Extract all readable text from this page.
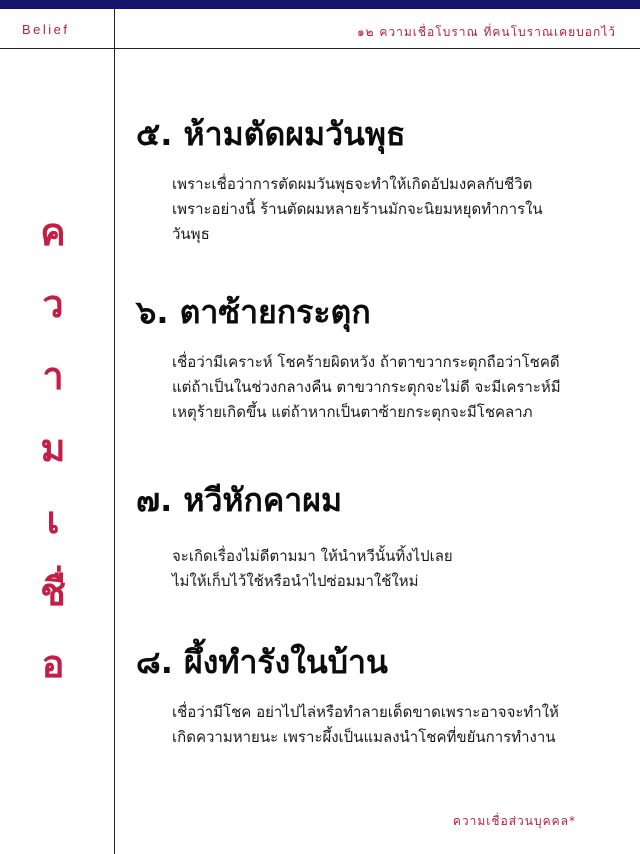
Belief	๑๒ ความเชื่อโบราณ ที่คนโบราณเคยบอกไว้
ค
ว
า
ม
เ
ชื่
อ
๕. ห้ามตัดผมวันพุธ
เพราะเชื่อว่าการตัดผมวันพุธจะทำให้เกิดอัปมงคลกับชีวิต
เพราะอย่างนี้ ร้านตัดผมหลายร้านมักจะนิยมหยุดทำการใน
วันพุธ
๖. ตาซ้ายกระตุก
เชื่อว่ามีเคราะห์ โชคร้ายผิดหวัง ถ้าตาขวากระตุกถือว่าโชคดี
แต่ถ้าเป็นในช่วงกลางคืน ตาขวากระตุกจะไม่ดี จะมีเคราะห์มี
เหตุร้ายเกิดขึ้น แต่ถ้าหากเป็นตาซ้ายกระตุกจะมีโชคลาภ
๗. หวีหักคาผม
จะเกิดเรื่องไม่ดีตามมา ให้นำหวีนั้นทิ้งไปเลย
ไม่ให้เก็บไว้ใช้หรือนำไปซ่อมมาใช้ใหม่
๘. ผึ้งทำรังในบ้าน
เชื่อว่ามีโชค อย่าไปไล่หรือทำลายเด็ดขาดเพราะอาจจะทำให้
เกิดความหายนะ เพราะผึ้งเป็นแมลงนำโชคที่ขยันการทำงาน
ความเชื่อส่วนบุคคล*
